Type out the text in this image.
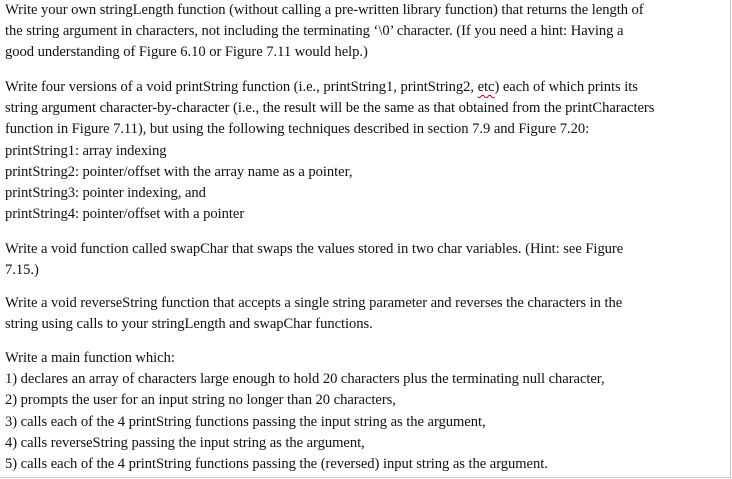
Write your own stringLength function (without calling a pre-written library function) that returns the length of
the string argument in characters, not including the terminating ‘\0’ character. (If you need a hint: Having a
good understanding of Figure 6.10 or Figure 7.11 would help.)
Write four versions of a void printString function (i.e., printString1, printString2, etc) each of which prints its
string argument character-by-character (i.e., the result will be the same as that obtained from the printCharacters
function in Figure 7.11), but using the following techniques described in section 7.9 and Figure 7.20:
printString1: array indexing
printString2: pointer/offset with the array name as a pointer,
printString3: pointer indexing, and
printString4: pointer/offset with a pointer
Write a void function called swapChar that swaps the values stored in two char variables. (Hint: see Figure
7.15.)
Write a void reverseString function that accepts a single string parameter and reverses the characters in the
string using calls to your stringLength and swapChar functions.
Write a main function which:
1) declares an array of characters large enough to hold 20 characters plus the terminating null character,
2) prompts the user for an input string no longer than 20 characters,
3) calls each of the 4 printString functions passing the input string as the argument,
4) calls reverseString passing the input string as the argument,
5) calls each of the 4 printString functions passing the (reversed) input string as the argument.
